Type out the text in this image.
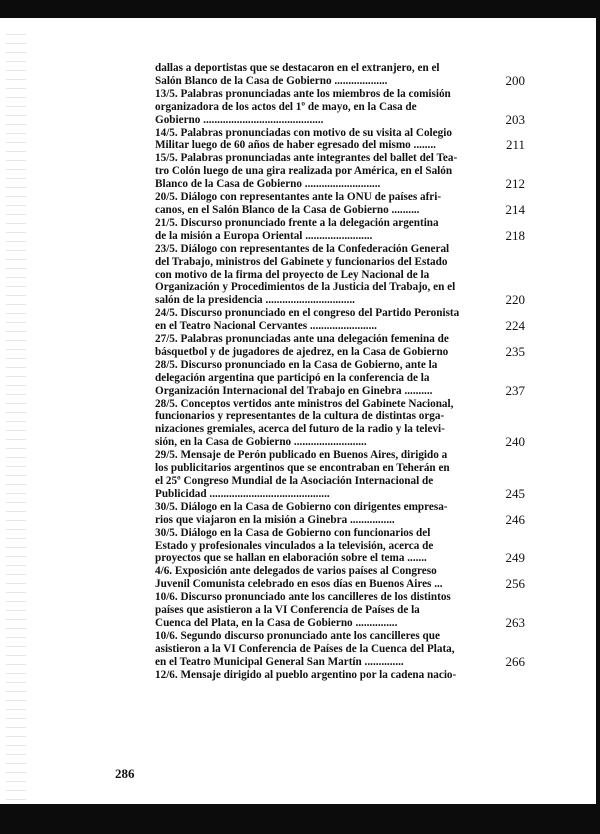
dallas a deportistas que se destacaron en el extranjero, en el
Salón Blanco de la Casa de Gobierno ...................	200
13/5. Palabras pronunciadas ante los miembros de la comisión
organizadora de los actos del 1º de mayo, en la Casa de
Gobierno ...........................................	203
14/5. Palabras pronunciadas con motivo de su visita al Colegio
Militar luego de 60 años de haber egresado del mismo ........	211
15/5. Palabras pronunciadas ante integrantes del ballet del Tea-
tro Colón luego de una gira realizada por América, en el Salón
Blanco de la Casa de Gobierno ...........................	212
20/5. Diálogo con representantes ante la ONU de países afri-
canos, en el Salón Blanco de la Casa de Gobierno ..........	214
21/5. Discurso pronunciado frente a la delegación argentina
de la misión a Europa Oriental ........................	218
23/5. Diálogo con representantes de la Confederación General
del Trabajo, ministros del Gabinete y funcionarios del Estado
con motivo de la firma del proyecto de Ley Nacional de la
Organización y Procedimientos de la Justicia del Trabajo, en el
salón de la presidencia ................................	220
24/5. Discurso pronunciado en el congreso del Partido Peronista
en el Teatro Nacional Cervantes ........................	224
27/5. Palabras pronunciadas ante una delegación femenina de
básquetbol y de jugadores de ajedrez, en la Casa de Gobierno	235
28/5. Discurso pronunciado en la Casa de Gobierno, ante la
delegación argentina que participó en la conferencia de la
Organización Internacional del Trabajo en Ginebra ..........	237
28/5. Conceptos vertidos ante ministros del Gabinete Nacional,
funcionarios y representantes de la cultura de distintas orga-
nizaciones gremiales, acerca del futuro de la radio y la televi-
sión, en la Casa de Gobierno ..........................	240
29/5. Mensaje de Perón publicado en Buenos Aires, dirigido a
los publicitarios argentinos que se encontraban en Teherán en
el 25º Congreso Mundial de la Asociación Internacional de
Publicidad ...........................................	245
30/5. Diálogo en la Casa de Gobierno con dirigentes empresa-
rios que viajaron en la misión a Ginebra ................	246
30/5. Diálogo en la Casa de Gobierno con funcionarios del
Estado y profesionales vinculados a la televisión, acerca de
proyectos que se hallan en elaboración sobre el tema .......	249
4/6. Exposición ante delegados de varios países al Congreso
Juvenil Comunista celebrado en esos días en Buenos Aires ...	256
10/6. Discurso pronunciado ante los cancilleres de los distintos
países que asistieron a la VI Conferencia de Países de la
Cuenca del Plata, en la Casa de Gobierno ...............	263
10/6. Segundo discurso pronunciado ante los cancilleres que
asistieron a la VI Conferencia de Países de la Cuenca del Plata,
en el Teatro Municipal General San Martín ..............	266
12/6. Mensaje dirigido al pueblo argentino por la cadena nacio-
286
